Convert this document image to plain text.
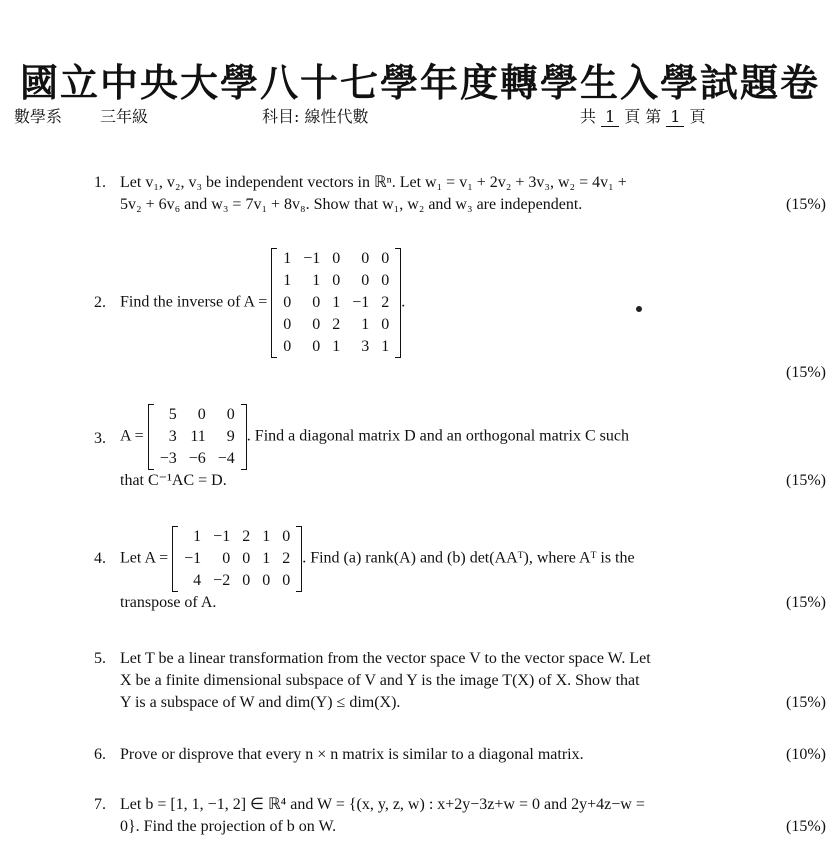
國立中央大學八十七學年度轉學生入學試題卷
數學系 三年級	科目: 線性代數	共 1 頁 第 1 頁
1. Let v₁, v₂, v₃ be independent vectors in ℝⁿ. Let w₁ = v₁ + 2v₂ + 3v₃, w₂ = 4v₁ +
(15%)
5v₂ + 6v₆ and w₃ = 7v₁ + 8v₈. Show that w₁, w₂ and w₃ are independent.
2. Find the inverse of A =
1	−1	0	0	0
1	1	0	0	0
0	0	1	−1	2
0	0	2	1	0
0	0	1	3	1
.
(15%)
3. A =
5	0	0
3	11	9
−3	−6	−4
. Find a diagonal matrix D and an orthogonal matrix C such
(15%)
that C⁻¹AC = D.
4. Let A =
1	−1	2	1	0
−1	0	0	1	2
4	−2	0	0	0
. Find (a) rank(A) and (b) det(AAᵀ), where Aᵀ is the
(15%)
transpose of A.
5. Let T be a linear transformation from the vector space V to the vector space W. Let
X be a finite dimensional subspace of V and Y is the image T(X) of X. Show that
(15%)
Y is a subspace of W and dim(Y) ≤ dim(X).
6.	(10%)
Prove or disprove that every n × n matrix is similar to a diagonal matrix.
7. Let b = [1, 1, −1, 2] ∈ ℝ⁴ and W = {(x, y, z, w) : x+2y−3z+w = 0 and 2y+4z−w =
(15%)
0}. Find the projection of b on W.
